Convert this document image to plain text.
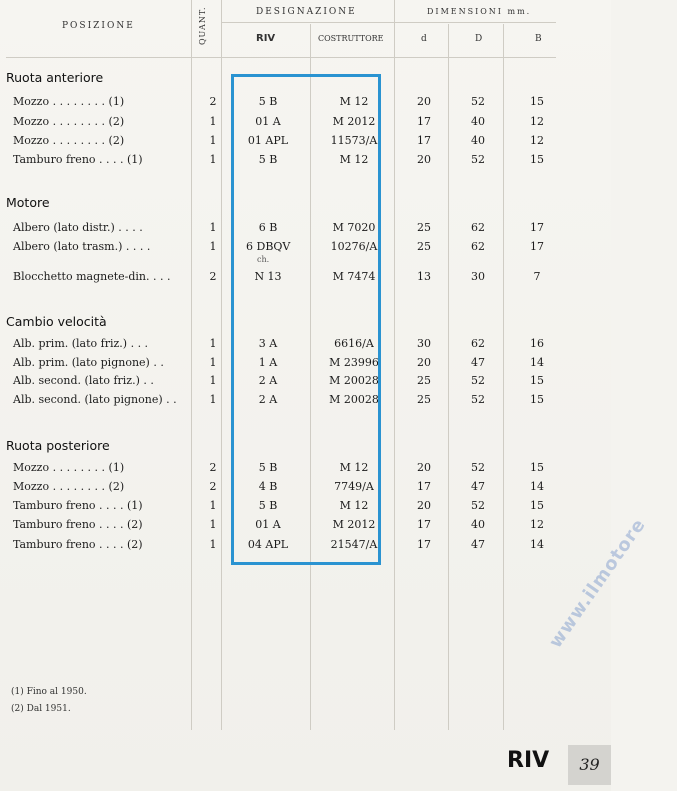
POSIZIONE	QUANT.	DESIGNAZIONE	DIMENSIONI mm.
RIV	COSTRUTTORE	d	D	B
Ruota anteriore
Mozzo . . . . . . . . (1)	2	5 B	M 12	20	52	15
Mozzo . . . . . . . . (2)	1	01 A	M 2012	17	40	12
Mozzo . . . . . . . . (2)	1	01 APL	11573/A	17	40	12
Tamburo freno . . . . (1)	1	5 B	M 12	20	52	15
Motore
Albero (lato distr.) . . . .	1	6 B	M 7020	25	62	17
Albero (lato trasm.) . . . .	1	6 DBQV	10276/A	25	62	17
ch.
Blocchetto magnete-din. . . .	2	N 13	M 7474	13	30	7
Cambio velocità
Alb. prim. (lato friz.) . . .	1	3 A	6616/A	30	62	16
Alb. prim. (lato pignone) . .	1	1 A	M 23996	20	47	14
Alb. second. (lato friz.) . .	1	2 A	M 20028	25	52	15
Alb. second. (lato pignone) . .	1	2 A	M 20028	25	52	15
Ruota posteriore
Mozzo . . . . . . . . (1)	2	5 B	M 12	20	52	15
Mozzo . . . . . . . . (2)	2	4 B	7749/A	17	47	14
Tamburo freno . . . . (1)	1	5 B	M 12	20	52	15
Tamburo freno . . . . (2)	1	01 A	M 2012	17	40	12
Tamburo freno . . . . (2)	1	04 APL	21547/A	17	47	14
(1) Fino al 1950.
(2) Dal 1951.
www.ilmotore
RIV	39
